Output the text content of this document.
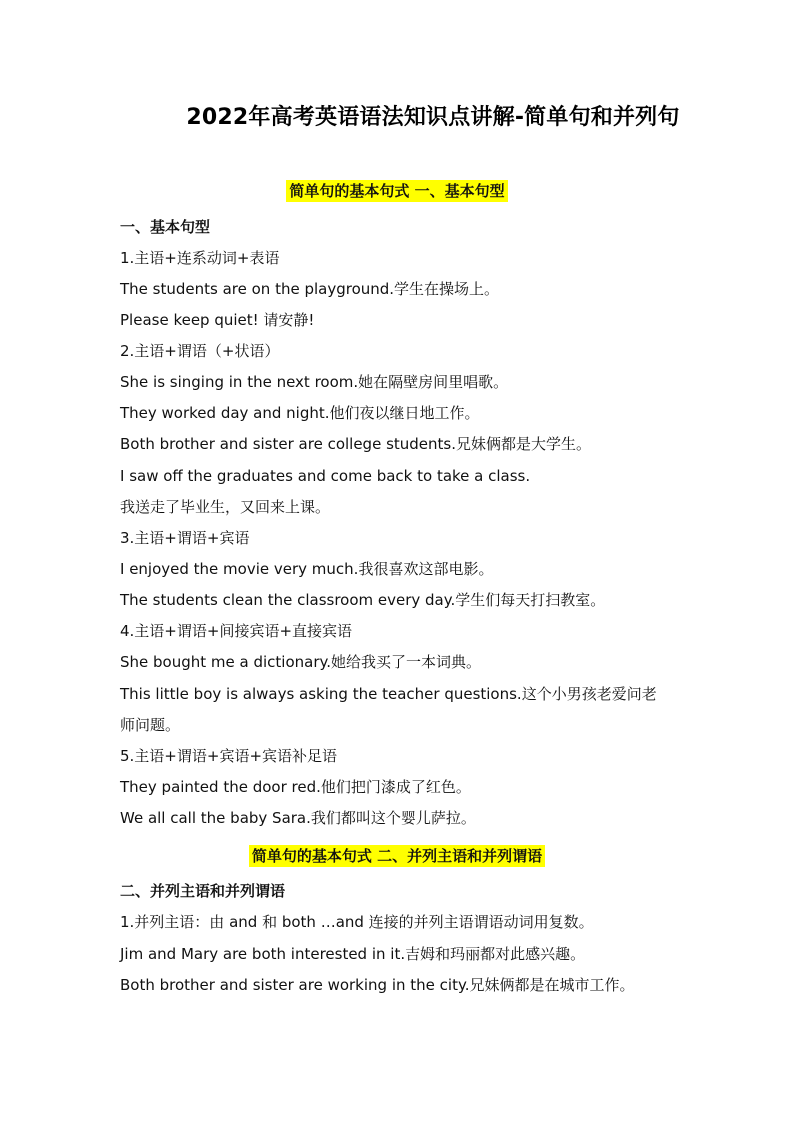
2022年高考英语语法知识点讲解-简单句和并列句
简单句的基本句式 一、基本句型
一、基本句型
1.主语+连系动词+表语
The students are on the playground.学生在操场上。
Please keep quiet! 请安静!
2.主语+谓语（+状语）
She is singing in the next room.她在隔壁房间里唱歌。
They worked day and night.他们夜以继日地工作。
Both brother and sister are college students.兄妹俩都是大学生。
I saw off the graduates and come back to take a class.
我送走了毕业生，又回来上课。
3.主语+谓语+宾语
I enjoyed the movie very much.我很喜欢这部电影。
The students clean the classroom every day.学生们每天打扫教室。
4.主语+谓语+间接宾语+直接宾语
She bought me a dictionary.她给我买了一本词典。
This little boy is always asking the teacher questions.这个小男孩老爱问老
师问题。
5.主语+谓语+宾语+宾语补足语
They painted the door red.他们把门漆成了红色。
We all call the baby Sara.我们都叫这个婴儿萨拉。
简单句的基本句式 二、并列主语和并列谓语
二、并列主语和并列谓语
1.并列主语：由 and 和 both …and 连接的并列主语谓语动词用复数。
Jim and Mary are both interested in it.吉姆和玛丽都对此感兴趣。
Both brother and sister are working in the city.兄妹俩都是在城市工作。
